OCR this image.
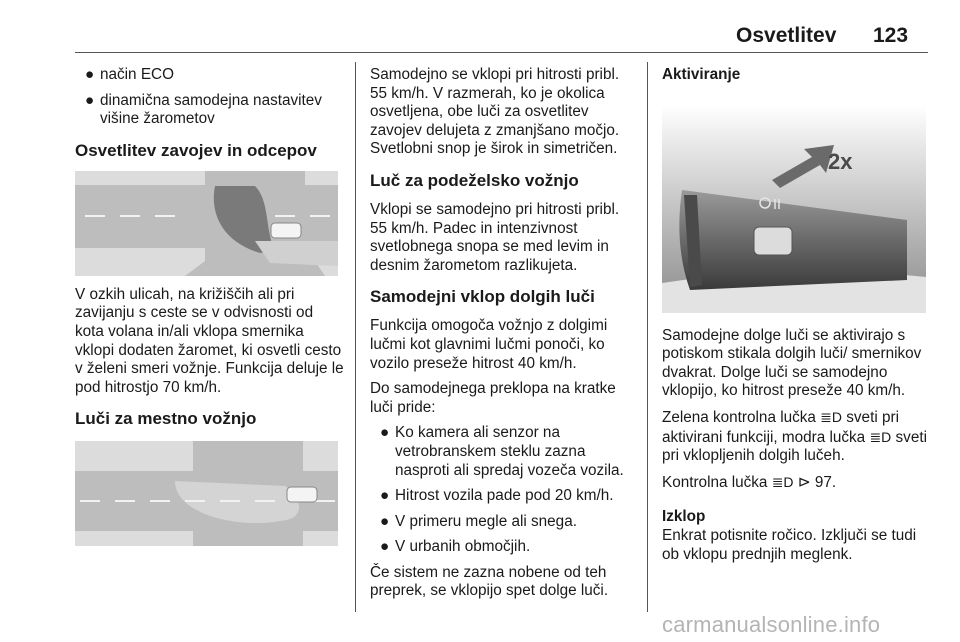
Osvetlitev 123
● način ECO
● dinamična samodejna nastavitev višine žarometov
Osvetlitev zavojev in odcepov

V ozkih ulicah, na križiščih ali pri zavijanju s ceste se v odvisnosti od kota volana in/ali vklopa smernika vklopi dodaten žaromet, ki osvetli cesto v želeni smeri vožnje. Funkcija deluje le pod hitrostjo 70 km/h.

Luči za mestno vožnjo

Samodejno se vklopi pri hitrosti pribl. 55 km/h. V razmerah, ko je okolica osvetljena, obe luči za osvetlitev zavojev delujeta z zmanjšano močjo. Svetlobni snop je širok in simetričen.

Luč za podeželsko vožnjo

Vklopi se samodejno pri hitrosti pribl. 55 km/h. Padec in intenzivnost svetlobnega snopa se med levim in desnim žarometom razlikujeta.

Samodejni vklop dolgih luči

Funkcija omogoča vožnjo z dolgimi lučmi kot glavnimi lučmi ponoči, ko vozilo preseže hitrost 40 km/h.

Do samodejnega preklopa na kratke luči pride:

● Ko kamera ali senzor na vetrobranskem steklu zazna nasproti ali spredaj vozeča vozila.
● Hitrost vozila pade pod 20 km/h.
● V primeru megle ali snega.
● V urbanih območjih.

Če sistem ne zazna nobene od teh preprek, se vklopijo spet dolge luči.

Aktiviranje
2x

Samodejne dolge luči se aktivirajo s potiskom stikala dolgih luči/ smernikov dvakrat. Dolge luči se samodejno vklopijo, ko hitrost preseže 40 km/h.

Zelena kontrolna lučka ≣D sveti pri aktivirani funkciji, modra lučka ≣D sveti pri vklopljenih dolgih lučeh.

Kontrolna lučka ≣D ⊳ 97.

Izklop

Enkrat potisnite ročico. Izključi se tudi ob vklopu prednjih meglenk.

carmanualsonline.info
